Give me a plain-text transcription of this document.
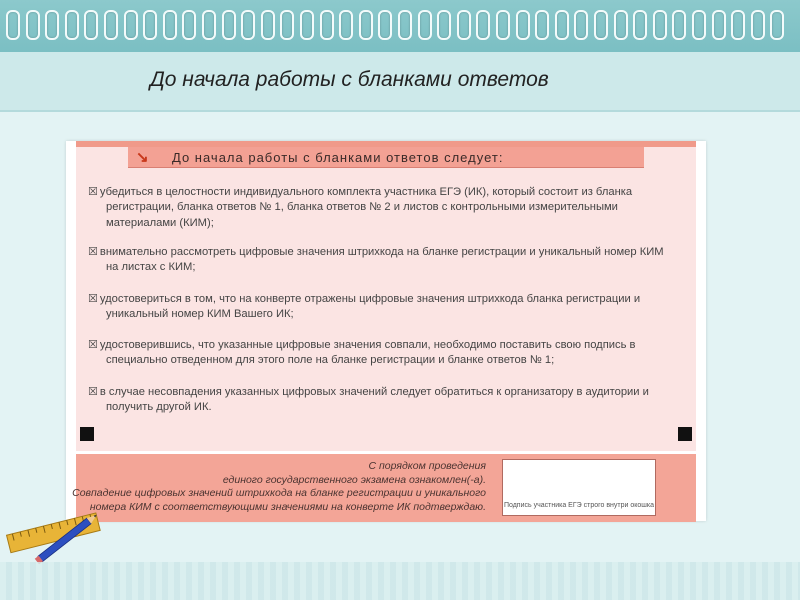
До начала работы с бланками ответов
↘ До начала работы с бланками ответов следует:
☒ убедиться в целостности индивидуального комплекта участника ЕГЭ (ИК), который состоит из бланка
регистрации, бланка ответов № 1, бланка ответов № 2 и листов с контрольными измерительными
материалами (КИМ);
☒ внимательно рассмотреть цифровые значения штрихкода на бланке регистрации и уникальный номер КИМ
на листах с КИМ;
☒ удостовериться в том, что на конверте отражены цифровые значения штрихкода бланка регистрации и
уникальный номер КИМ Вашего ИК;
☒ удостоверившись, что указанные цифровые значения совпали, необходимо поставить свою подпись в
специально отведенном для этого поле на бланке регистрации и бланке ответов № 1;
☒ в случае несовпадения указанных цифровых значений следует обратиться к организатору в аудитории и
получить другой ИК.
С порядком проведения
единого государственного экзамена ознакомлен(-а).
Совпадение цифровых значений штрихкода на бланке регистрации и уникального
номера КИМ с соответствующими значениями на конверте ИК подтверждаю.	Подпись участника ЕГЭ строго внутри окошка
